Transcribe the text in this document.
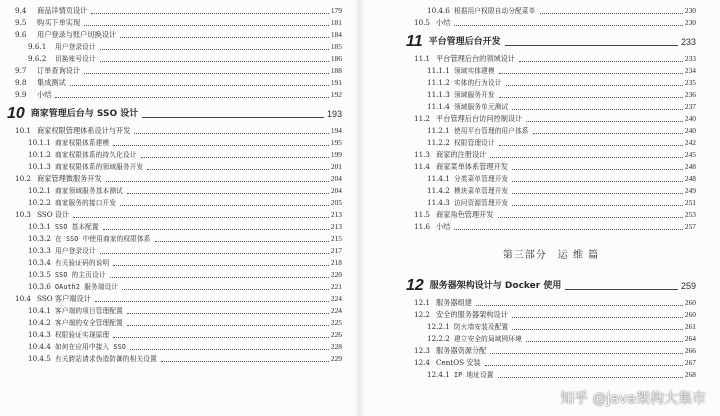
9.4	商品详情页设计	179
9.5	购买下单实现	181
9.6	用户登录与账户切换设计	184
9.6.1	用户登录设计	185
9.6.2	切换账号设计	186
9.7	订单查询设计	188
9.8	集成测试	191
9.9	小结	192
10 商家管理后台与 SSO 设计	193
10.1 商家权限管理体系设计与开发	194
10.1.1 商家权限体系建模	195
10.1.2 商家权限体系的持久化设计	199
10.1.3 商家权限体系的领域服务开发	201
10.2 商家管理微服务开发	204
10.2.1 商家领域服务基本测试	204
10.2.2 商家服务的接口开发	205
10.3 SSO 设计	213
10.3.1 SSO 基本配置	213
10.3.2 在 SSO 中使用商家的权限体系	215
10.3.3 用户登录设计	217
10.3.4 有关验证码的说明	218
10.3.5 SSO 的主页设计	220
10.3.6 OAuth2 服务端设计	221
10.4 SSO 客户端设计	224
10.4.1 客户端的项目管理配置	224
10.4.2 客户端的安全管理配置	225
10.4.3 权限验证实现原理	226
10.4.4 如何在应用中接入 SSO	228
10.4.5 有关跨站请求伪造防御的相关设置	229
10.4.6 根据用户权限自动分配菜单	230
10.5 小结	230
11 平台管理后台开发	233
11.1 平台管理后台的领域设计	233
11.1.1 领域实体建模	234
11.1.2 实体的行为设计	235
11.1.3 领域服务开发	236
11.1.4 领域服务单元测试	237
11.2 平台管理后台访问控制设计	240
11.2.1 使用平台管理的用户体系	240
11.2.2 权限管理设计	242
11.3 商家的注册设计	245
11.4 商家菜单体系管理开发	248
11.4.1 分类菜单管理开发	248
11.4.2 模块菜单管理开发	249
11.4.3 访问资源管理开发	251
11.5 商家角色管理开发	253
11.6 小结	257
第三部分　运 维 篇
12 服务器架构设计与 Docker 使用	259
12.1 服务器组建	260
12.2 安全的服务器架构设计	260
12.2.1 防火墙安装及配置	261
12.2.2 建立安全的局域网环境	264
12.3 服务器资源分配	266
12.4 CentOS 安装	267
12.4.1 IP 地址设置	268
知乎 @java架构大集市
